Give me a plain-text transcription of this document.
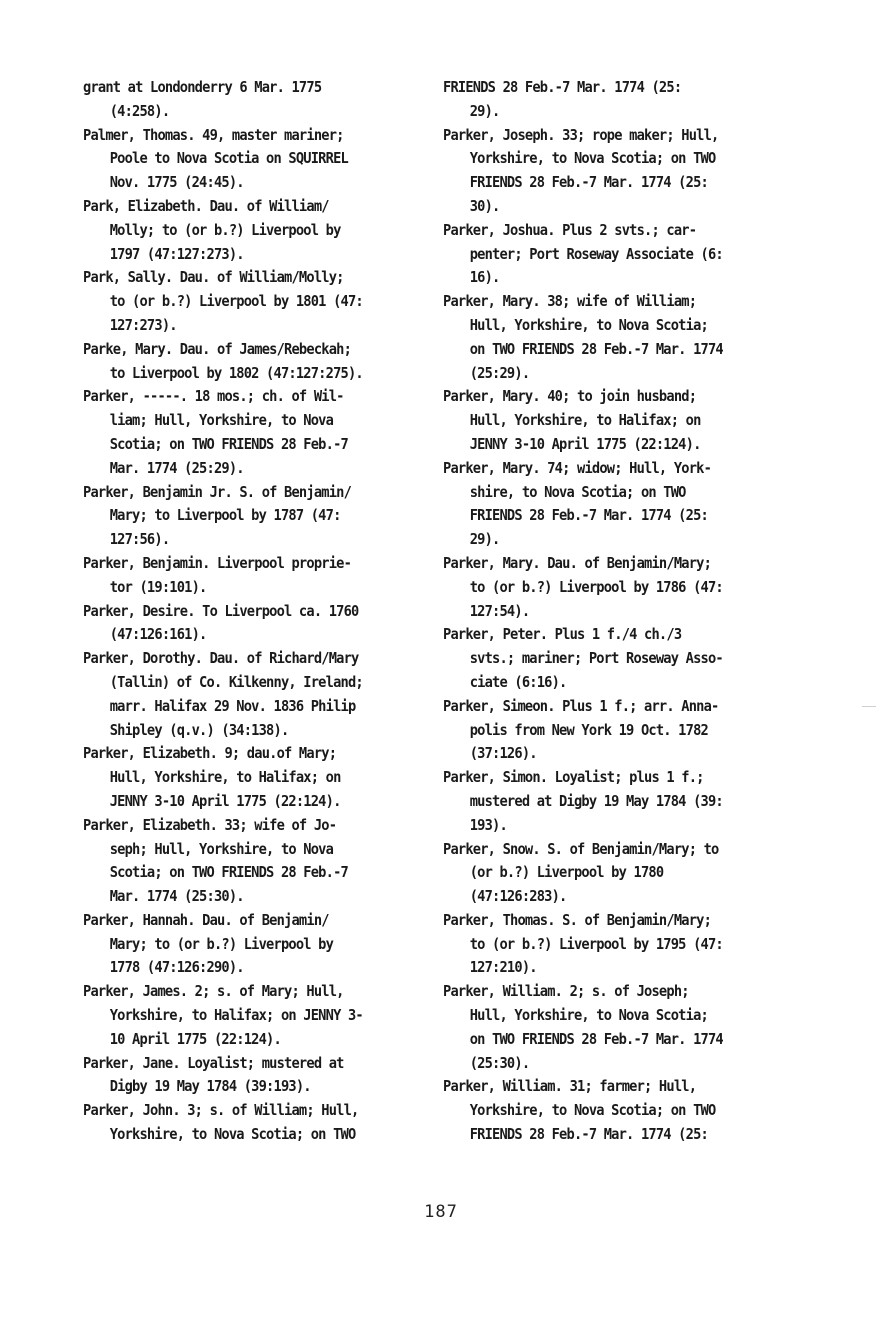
grant at Londonderry 6 Mar. 1775
(4:258).
Palmer, Thomas. 49, master mariner;
Poole to Nova Scotia on SQUIRREL
Nov. 1775 (24:45).
Park, Elizabeth. Dau. of William/
Molly; to (or b.?) Liverpool by
1797 (47:127:273).
Park, Sally. Dau. of William/Molly;
to (or b.?) Liverpool by 1801 (47:
127:273).
Parke, Mary. Dau. of James/Rebeckah;
to Liverpool by 1802 (47:127:275).
Parker, -----. 18 mos.; ch. of Wil-
liam; Hull, Yorkshire, to Nova
Scotia; on TWO FRIENDS 28 Feb.-7
Mar. 1774 (25:29).
Parker, Benjamin Jr. S. of Benjamin/
Mary; to Liverpool by 1787 (47:
127:56).
Parker, Benjamin. Liverpool proprie-
tor (19:101).
Parker, Desire. To Liverpool ca. 1760
(47:126:161).
Parker, Dorothy. Dau. of Richard/Mary
(Tallin) of Co. Kilkenny, Ireland;
marr. Halifax 29 Nov. 1836 Philip
Shipley (q.v.) (34:138).
Parker, Elizabeth. 9; dau.of Mary;
Hull, Yorkshire, to Halifax; on
JENNY 3-10 April 1775 (22:124).
Parker, Elizabeth. 33; wife of Jo-
seph; Hull, Yorkshire, to Nova
Scotia; on TWO FRIENDS 28 Feb.-7
Mar. 1774 (25:30).
Parker, Hannah. Dau. of Benjamin/
Mary; to (or b.?) Liverpool by
1778 (47:126:290).
Parker, James. 2; s. of Mary; Hull,
Yorkshire, to Halifax; on JENNY 3-
10 April 1775 (22:124).
Parker, Jane. Loyalist; mustered at
Digby 19 May 1784 (39:193).
Parker, John. 3; s. of William; Hull,
Yorkshire, to Nova Scotia; on TWO
FRIENDS 28 Feb.-7 Mar. 1774 (25:
29).
Parker, Joseph. 33; rope maker; Hull,
Yorkshire, to Nova Scotia; on TWO
FRIENDS 28 Feb.-7 Mar. 1774 (25:
30).
Parker, Joshua. Plus 2 svts.; car-
penter; Port Roseway Associate (6:
16).
Parker, Mary. 38; wife of William;
Hull, Yorkshire, to Nova Scotia;
on TWO FRIENDS 28 Feb.-7 Mar. 1774
(25:29).
Parker, Mary. 40; to join husband;
Hull, Yorkshire, to Halifax; on
JENNY 3-10 April 1775 (22:124).
Parker, Mary. 74; widow; Hull, York-
shire, to Nova Scotia; on TWO
FRIENDS 28 Feb.-7 Mar. 1774 (25:
29).
Parker, Mary. Dau. of Benjamin/Mary;
to (or b.?) Liverpool by 1786 (47:
127:54).
Parker, Peter. Plus 1 f./4 ch./3
svts.; mariner; Port Roseway Asso-
ciate (6:16).
Parker, Simeon. Plus 1 f.; arr. Anna-
polis from New York 19 Oct. 1782
(37:126).
Parker, Simon. Loyalist; plus 1 f.;
mustered at Digby 19 May 1784 (39:
193).
Parker, Snow. S. of Benjamin/Mary; to
(or b.?) Liverpool by 1780
(47:126:283).
Parker, Thomas. S. of Benjamin/Mary;
to (or b.?) Liverpool by 1795 (47:
127:210).
Parker, William. 2; s. of Joseph;
Hull, Yorkshire, to Nova Scotia;
on TWO FRIENDS 28 Feb.-7 Mar. 1774
(25:30).
Parker, William. 31; farmer; Hull,
Yorkshire, to Nova Scotia; on TWO
FRIENDS 28 Feb.-7 Mar. 1774 (25:
187
